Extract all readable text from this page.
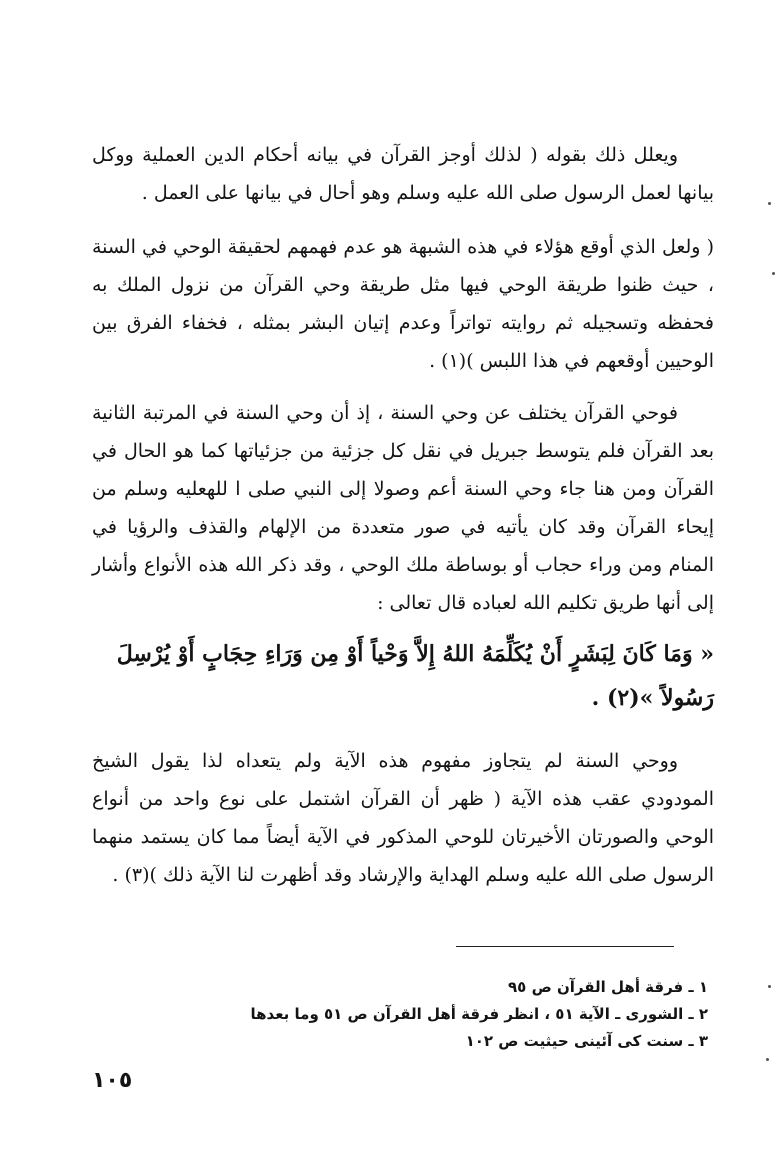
ويعلل ذلك بقوله ( لذلك أوجز القرآن في بيانه أحكام الدين العملية ووكل بيانها لعمل الرسول صلى الله عليه وسلم وهو أحال في بيانها على العمل .

( ولعل الذي أوقع هؤلاء في هذه الشبهة هو عدم فهمهم لحقيقة الوحي في السنة ، حيث ظنوا طريقة الوحي فيها مثل طريقة وحي القرآن من نزول الملك به فحفظه وتسجيله ثم روايته تواتراً وعدم إتيان البشر بمثله ، فخفاء الفرق بين الوحيين أوقعهم في هذا اللبس )(١) .

فوحي القرآن يختلف عن وحي السنة ، إذ أن وحي السنة في المرتبة الثانية بعد القرآن فلم يتوسط جبريل في نقل كل جزئية من جزئياتها كما هو الحال في القرآن ومن هنا جاء وحي السنة أعم وصولا إلى النبي صلى ا للهعليه وسلم من إيحاء القرآن وقد كان يأتيه في صور متعددة من الإلهام والقذف والرؤيا في المنام ومن وراء حجاب أو بوساطة ملك الوحي ، وقد ذكر الله هذه الأنواع وأشار إلى أنها طريق تكليم الله لعباده قال تعالى :

« وَمَا كَانَ لِبَشَرٍ أَنْ يُكَلِّمَهُ اللهُ إِلاَّ وَحْياً أَوْ مِن وَرَاءِ حِجَابٍ أَوْ يُرْسِلَ رَسُولاً »(٢) .

ووحي السنة لم يتجاوز مفهوم هذه الآية ولم يتعداه لذا يقول الشيخ المودودي عقب هذه الآية ( ظهر أن القرآن اشتمل على نوع واحد من أنواع الوحي والصورتان الأخيرتان للوحي المذكور في الآية أيضاً مما كان يستمد منهما الرسول صلى الله عليه وسلم الهداية والإرشاد وقد أظهرت لنا الآية ذلك )(٣) .

١ ـ فرقة أهل القرآن ص ٩٥
٢ ـ الشورى ـ الآية ٥١ ، انظر فرقة أهل القرآن ص ٥١ وما بعدها
٣ ـ سنت كى آئينى حيثيت ص ١٠٢
١٠٥
